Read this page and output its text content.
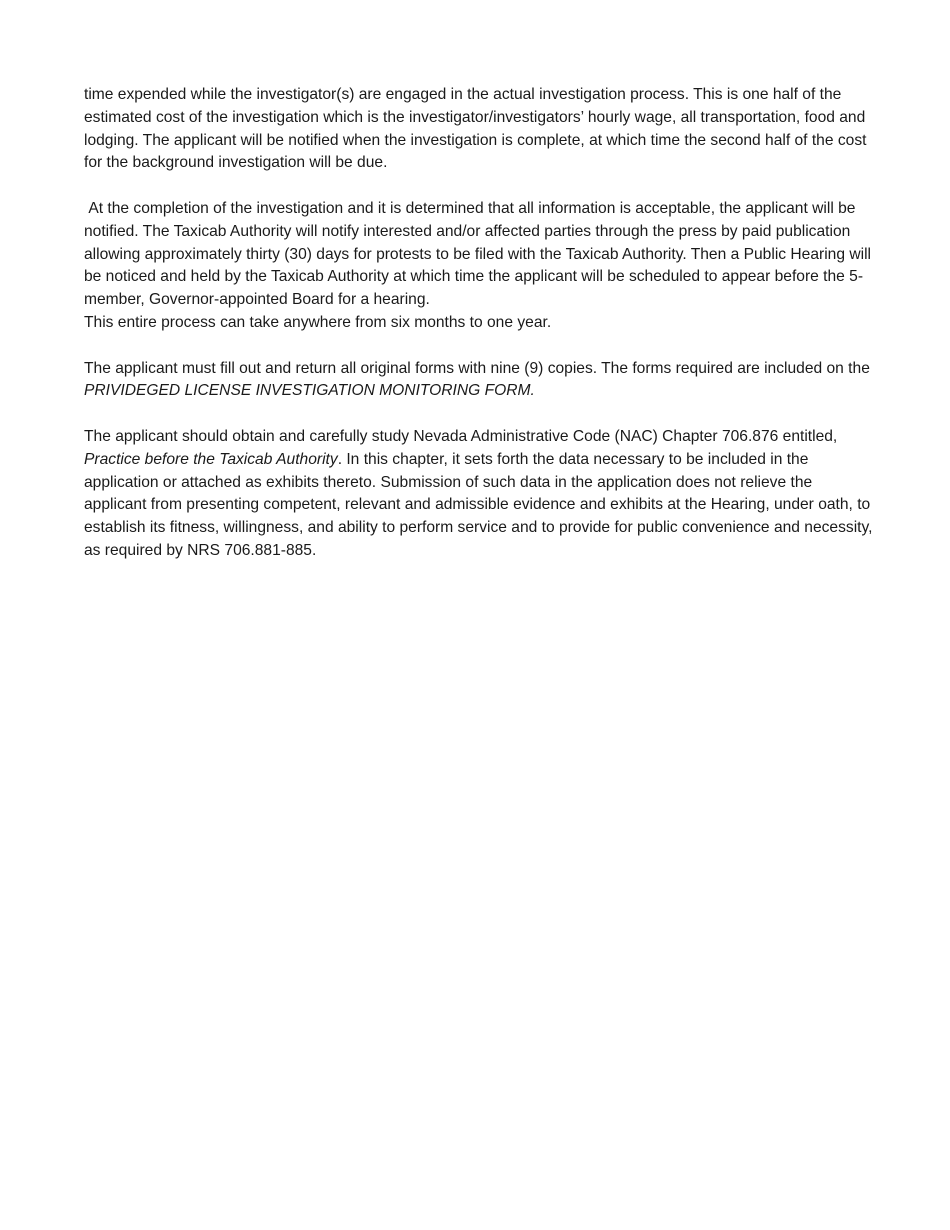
time expended while the investigator(s) are engaged in the actual investigation process. This is one half of the estimated cost of the investigation which is the investigator/investigators’ hourly wage, all transportation, food and lodging. The applicant will be notified when the investigation is complete, at which time the second half of the cost for the background investigation will be due.

At the completion of the investigation and it is determined that all information is acceptable, the applicant will be notified. The Taxicab Authority will notify interested and/or affected parties through the press by paid publication allowing approximately thirty (30) days for protests to be filed with the Taxicab Authority. Then a Public Hearing will be noticed and held by the Taxicab Authority at which time the applicant will be scheduled to appear before the 5-member, Governor-appointed Board for a hearing.

This entire process can take anywhere from six months to one year.

The applicant must fill out and return all original forms with nine (9) copies. The forms required are included on the PRIVIDEGED LICENSE INVESTIGATION MONITORING FORM.

The applicant should obtain and carefully study Nevada Administrative Code (NAC) Chapter 706.876 entitled, Practice before the Taxicab Authority. In this chapter, it sets forth the data necessary to be included in the application or attached as exhibits thereto. Submission of such data in the application does not relieve the applicant from presenting competent, relevant and admissible evidence and exhibits at the Hearing, under oath, to establish its fitness, willingness, and ability to perform service and to provide for public convenience and necessity, as required by NRS 706.881-885.
